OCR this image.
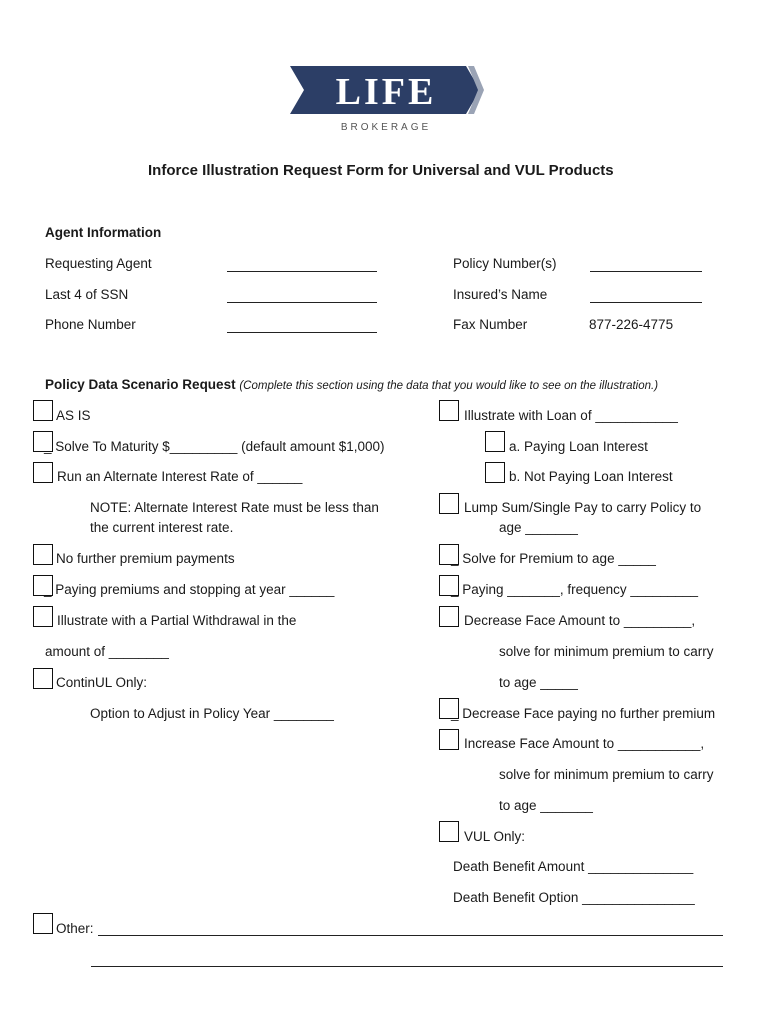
LIFE
BROKERAGE
Inforce Illustration Request Form for Universal and VUL Products
Agent Information
Requesting Agent	Policy Number(s)
Last 4 of SSN	Insured’s Name
Phone Number	Fax Number	877-226-4775
Policy Data Scenario Request (Complete this section using the data that you would like to see on the illustration.)
AS IS
_ Solve To Maturity $_________ (default amount $1,000)
Run an Alternate Interest Rate of ______
NOTE: Alternate Interest Rate must be less than
the current interest rate.
No further premium payments
_ Paying premiums and stopping at year ______
Illustrate with a Partial Withdrawal in the
amount of ________
ContinUL Only:
Option to Adjust in Policy Year ________
Illustrate with Loan of ___________
a. Paying Loan Interest
b. Not Paying Loan Interest
Lump Sum/Single Pay to carry Policy to
age _______
_ Solve for Premium to age _____
_ Paying _______, frequency _________
Decrease Face Amount to _________,
solve for minimum premium to carry
to age _____
_ Decrease Face paying no further premium
Increase Face Amount to ___________,
solve for minimum premium to carry
to age _______
VUL Only:
Death Benefit Amount ______________
Death Benefit Option _______________
Other:
